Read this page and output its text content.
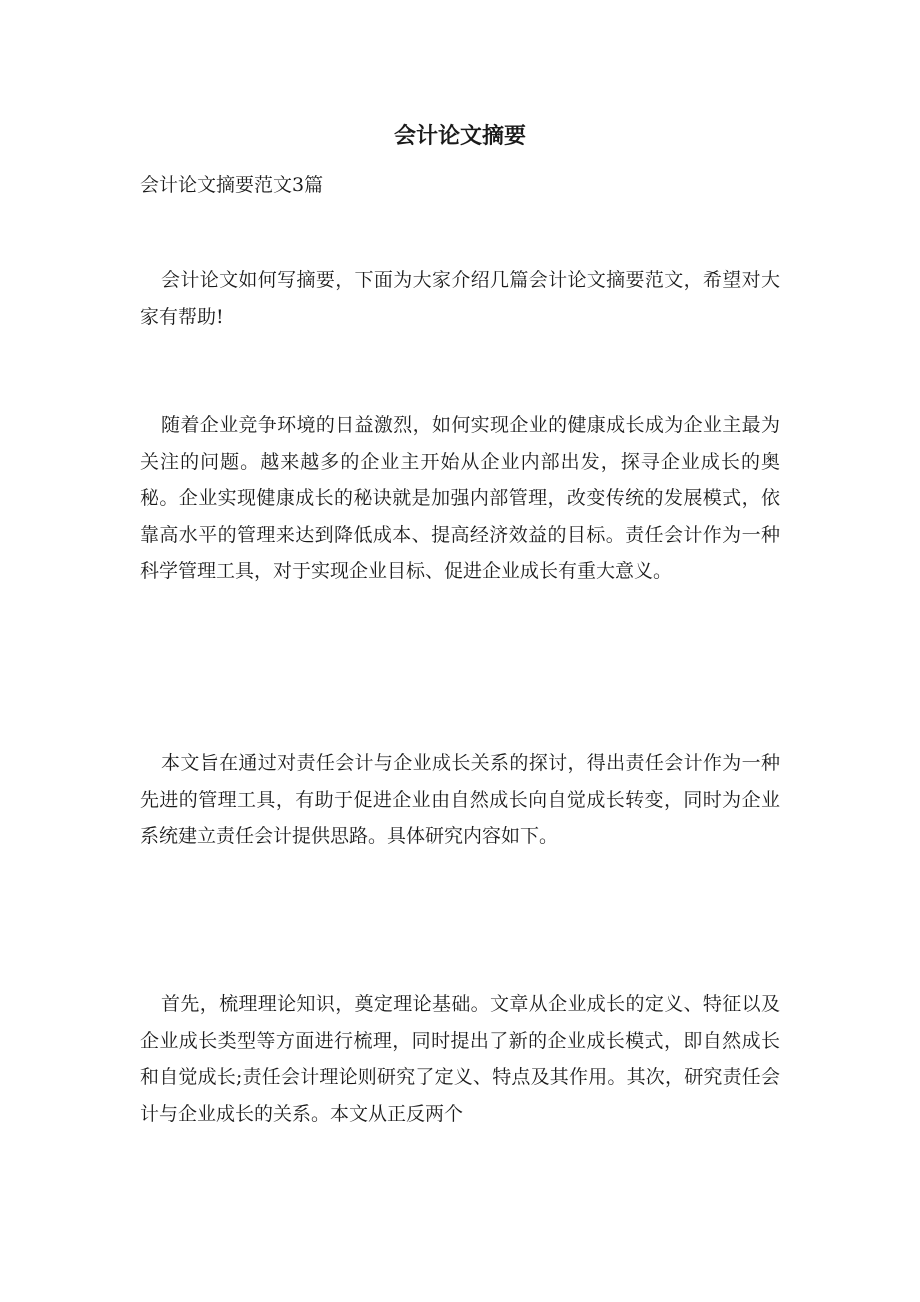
会计论文摘要

会计论文摘要范文3篇

会计论文如何写摘要，下面为大家介绍几篇会计论文摘要范文，希望对大家有帮助!

随着企业竞争环境的日益激烈，如何实现企业的健康成长成为企业主最为关注的问题。越来越多的企业主开始从企业内部出发，探寻企业成长的奥秘。企业实现健康成长的秘诀就是加强内部管理，改变传统的发展模式，依靠高水平的管理来达到降低成本、提高经济效益的目标。责任会计作为一种科学管理工具，对于实现企业目标、促进企业成长有重大意义。

本文旨在通过对责任会计与企业成长关系的探讨，得出责任会计作为一种先进的管理工具，有助于促进企业由自然成长向自觉成长转变，同时为企业系统建立责任会计提供思路。具体研究内容如下。

首先，梳理理论知识，奠定理论基础。文章从企业成长的定义、特征以及企业成长类型等方面进行梳理，同时提出了新的企业成长模式，即自然成长和自觉成长;责任会计理论则研究了定义、特点及其作用。其次，研究责任会计与企业成长的关系。本文从正反两个
